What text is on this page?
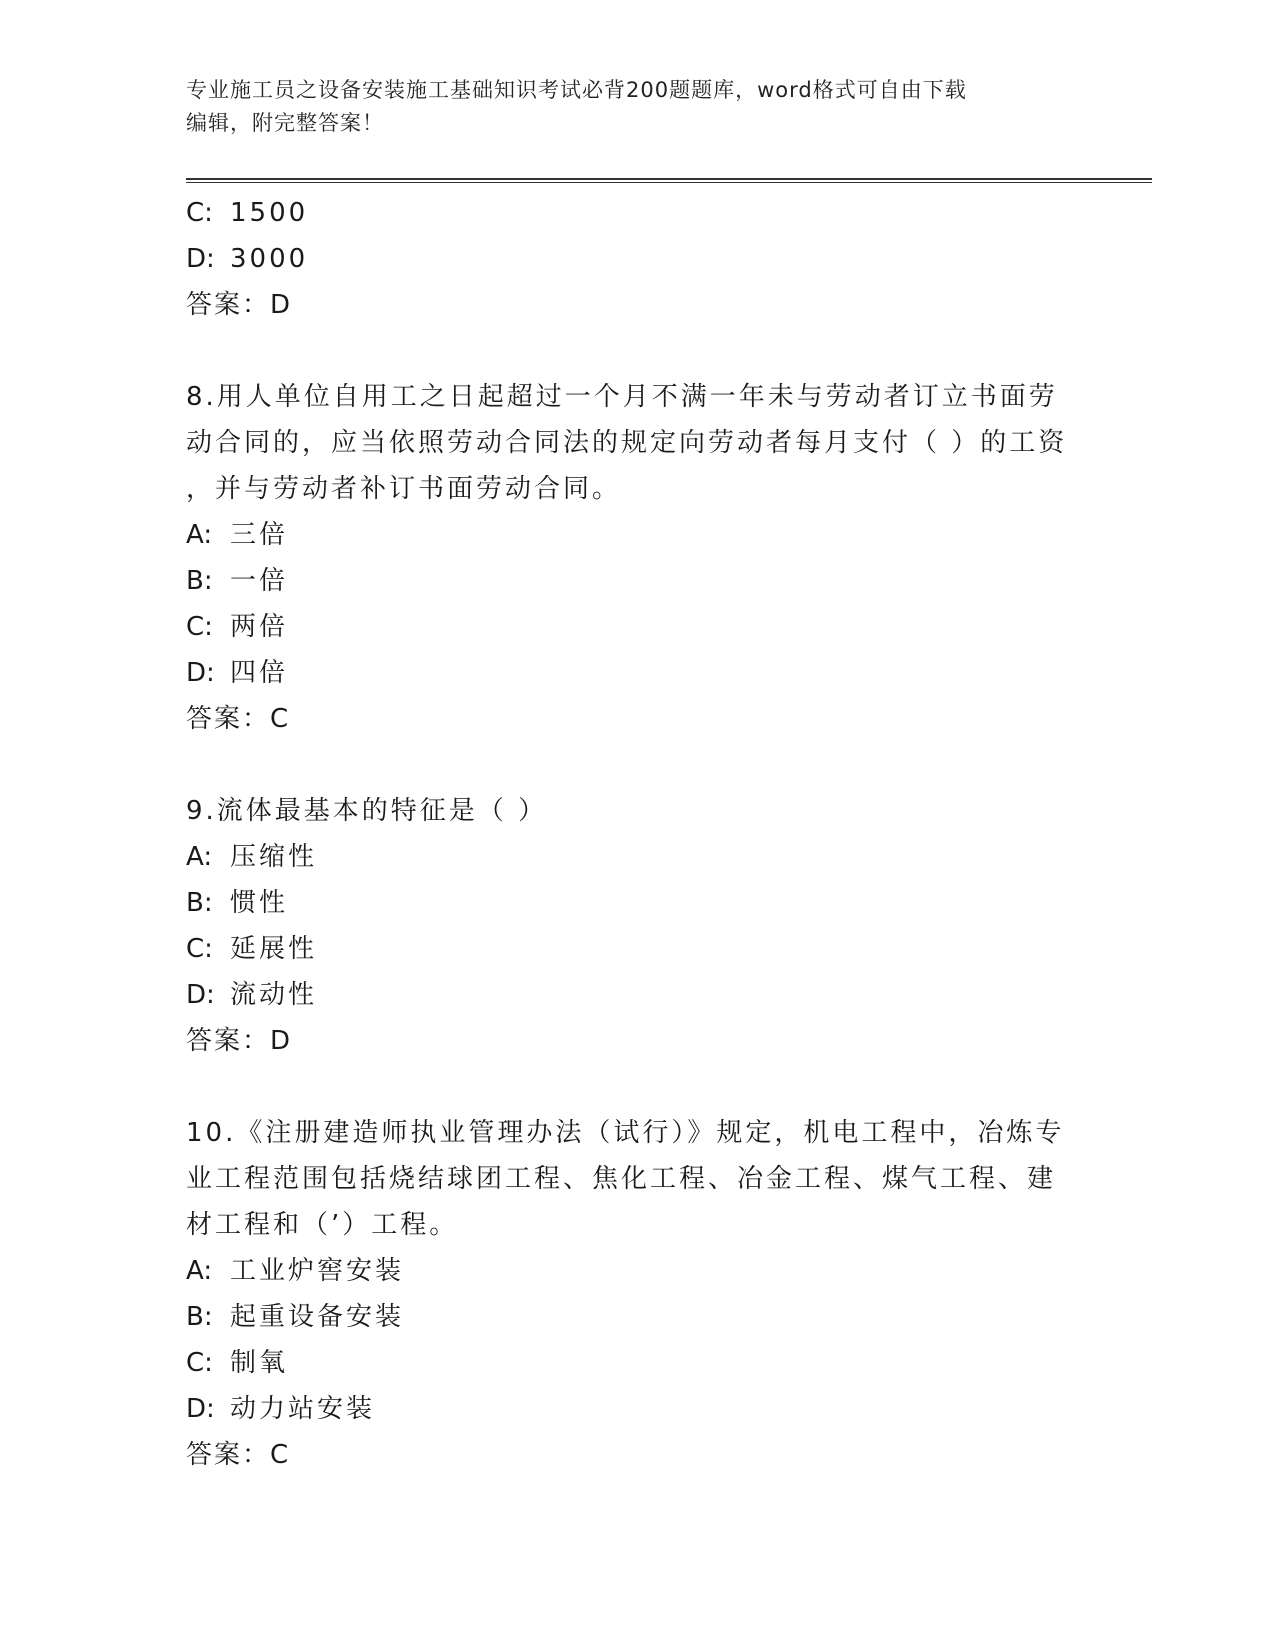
专业施工员之设备安装施工基础知识考试必背200题题库，word格式可自由下载
编辑，附完整答案！
C: 1500
D: 3000
答案：D
8.用人单位自用工之日起超过一个月不满一年未与劳动者订立书面劳
动合同的，应当依照劳动合同法的规定向劳动者每月支付（ ）的工资
，并与劳动者补订书面劳动合同。
A: 三倍
B: 一倍
C: 两倍
D: 四倍
答案：C
9.流体最基本的特征是（ ）
A: 压缩性
B: 惯性
C: 延展性
D: 流动性
答案：D
10.《注册建造师执业管理办法（试行）》规定，机电工程中，冶炼专
业工程范围包括烧结球团工程、焦化工程、冶金工程、煤气工程、建
材工程和（’）工程。
A: 工业炉窖安装
B: 起重设备安装
C: 制氧
D: 动力站安装
答案：C
